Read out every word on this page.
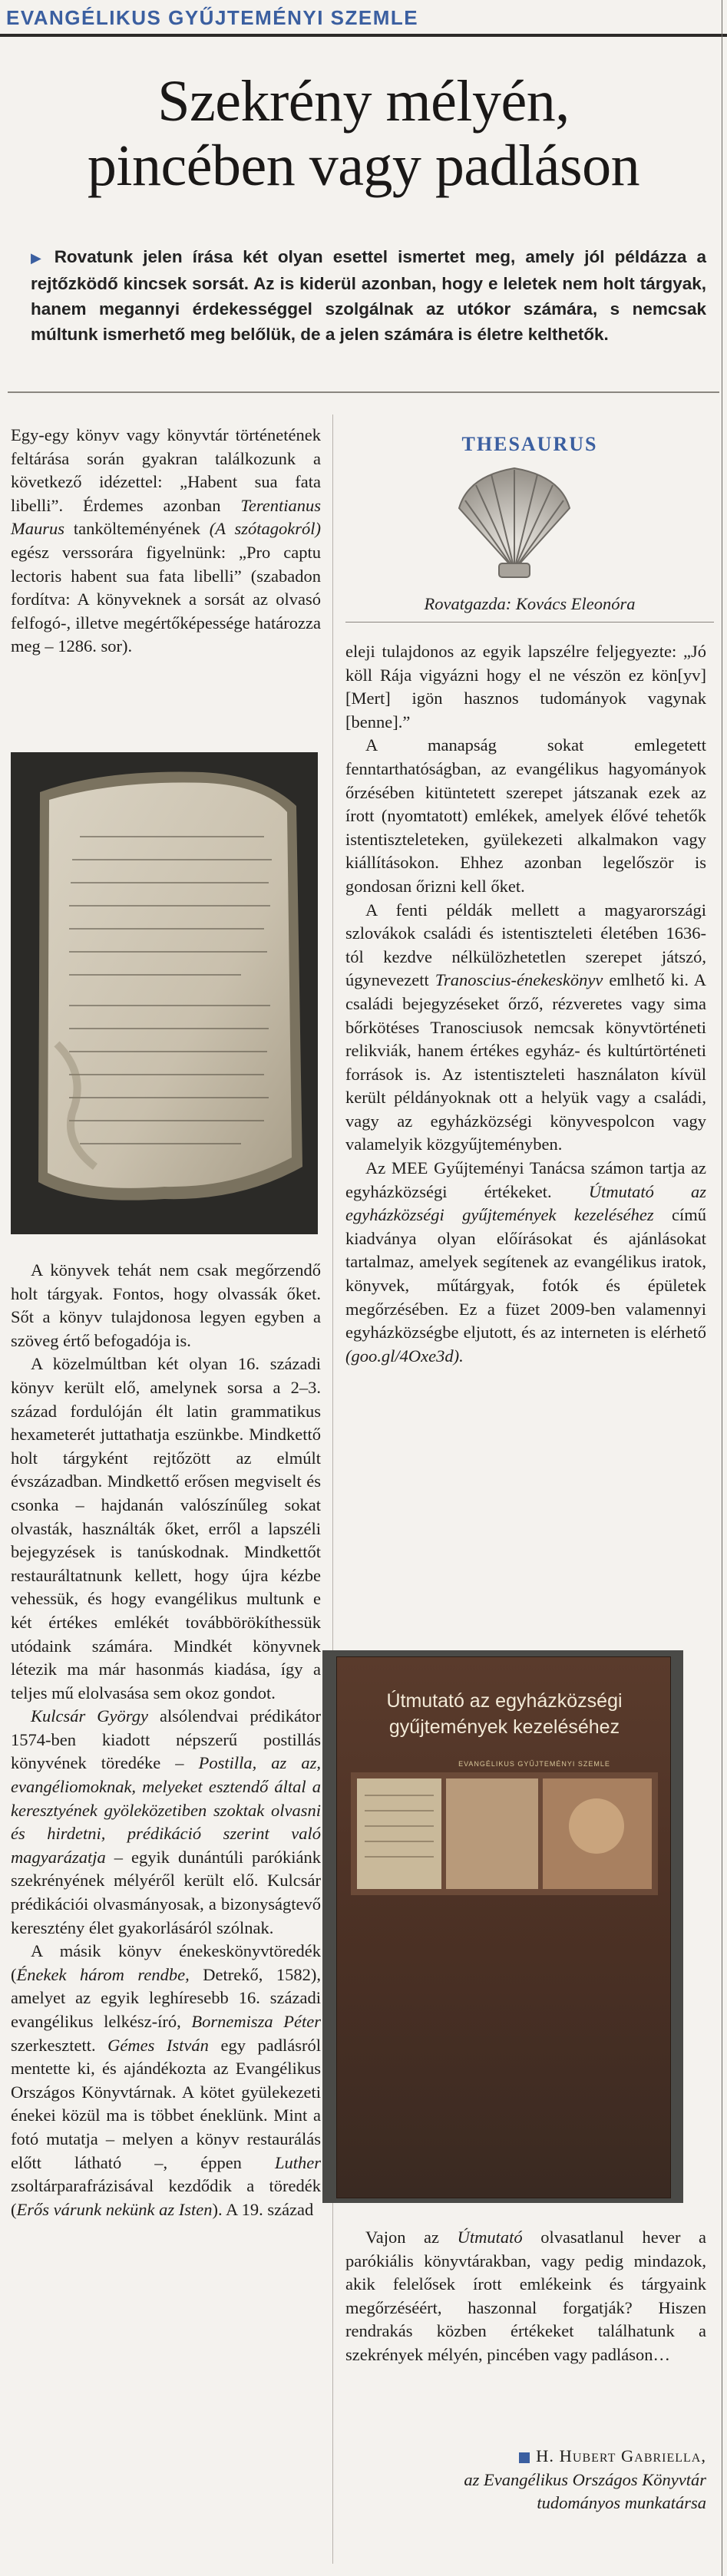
EVANGÉLIKUS GYŰJTEMÉNYI SZEMLE
Szekrény mélyén,
pincében vagy padláson
▶ Rovatunk jelen írása két olyan esettel ismertet meg, amely jól példázza a rejtőzködő kincsek sorsát. Az is kiderül azonban, hogy e leletek nem holt tárgyak, hanem megannyi érdekességgel szolgálnak az utókor számára, s nemcsak múltunk ismerhető meg belőlük, de a jelen számára is életre kelthetők.
THESAURUS
Rovatgazda: Kovács Eleonóra

Egy-egy könyv vagy könyvtár történetének feltárása során gyakran találkozunk a következő idézettel: „Habent sua fata libelli”. Érdemes azonban Terentianus Maurus tankölteményének (A szótagokról) egész verssorára figyelnünk: „Pro captu lectoris habent sua fata libelli” (szabadon fordítva: A könyveknek a sorsát az olvasó felfogó-, illetve megértőképessége határozza meg – 1286. sor).

A könyvek tehát nem csak megőrzendő holt tárgyak. Fontos, hogy olvassák őket. Sőt a könyv tulajdonosa legyen egyben a szöveg értő befogadója is.

A közelmúltban két olyan 16. századi könyv került elő, amelynek sorsa a 2–3. század fordulóján élt latin grammatikus hexameterét juttathatja eszünkbe. Mindkettő holt tárgyként rejtőzött az elmúlt évszázadban. Mindkettő erősen megviselt és csonka – hajdanán valószínűleg sokat olvasták, használták őket, erről a lapszéli bejegyzések is tanúskodnak. Mindkettőt restauráltatnunk kellett, hogy újra kézbe vehessük, és hogy evangélikus multunk e két értékes emlékét továbbörökíthessük utódaink számára. Mindkét könyvnek létezik ma már hasonmás kiadása, így a teljes mű elolvasása sem okoz gondot.

Kulcsár György alsólendvai prédikátor 1574-ben kiadott népszerű postillás könyvének töredéke – Postilla, az az, evangéliomoknak, melyeket esztendő által a keresztyének gyöleközetiben szoktak olvasni és hirdetni, prédikáció szerint való magyarázatja – egyik dunántúli parókiánk szekrényének mélyéről került elő. Kulcsár prédikációi olvasmányosak, a bizonyságtevő keresztény élet gyakorlásáról szólnak.

A másik könyv énekeskönyvtöredék (Énekek három rendbe, Detrekő, 1582), amelyet az egyik leghíresebb 16. századi evangélikus lelkész-író, Bornemisza Péter szerkesztett. Gémes István egy padlásról mentette ki, és ajándékozta az Evangélikus Országos Könyvtárnak. A kötet gyülekezeti énekei közül ma is többet éneklünk. Mint a fotó mutatja – melyen a könyv restaurálás előtt látható –, éppen Luther zsoltárparafrázisával kezdődik a töredék (Erős várunk nekünk az Isten). A 19. század

eleji tulajdonos az egyik lapszélre feljegyezte: „Jó köll Rája vigyázni hogy el ne vészön ez kön[yv] [Mert] igön hasznos tudományok vagynak [benne].”

A manapság sokat emlegetett fenntarthatóságban, az evangélikus hagyományok őrzésében kitüntetett szerepet játszanak ezek az írott (nyomtatott) emlékek, amelyek élővé tehetők istentiszteleteken, gyülekezeti alkalmakon vagy kiállításokon. Ehhez azonban legelőször is gondosan őrizni kell őket.

A fenti példák mellett a magyarországi szlovákok családi és istentiszteleti életében 1636-tól kezdve nélkülözhetetlen szerepet játszó, úgynevezett Tranoscius-énekeskönyv emlhető ki. A családi bejegyzéseket őrző, rézveretes vagy sima bőrkötéses Tranosciusok nemcsak könyvtörténeti relikviák, hanem értékes egyház- és kultúrtörténeti források is. Az istentiszteleti használaton kívül került példányoknak ott a helyük vagy a családi, vagy az egyházközségi könyvespolcon vagy valamelyik közgyűjteményben.

Az MEE Gyűjteményi Tanácsa számon tartja az egyházközségi értékeket. Útmutató az egyházközségi gyűjtemények kezeléséhez című kiadványa olyan előírásokat és ajánlásokat tartalmaz, amelyek segítenek az evangélikus iratok, könyvek, műtárgyak, fotók és épületek megőrzésében. Ez a füzet 2009-ben valamennyi egyházközségbe eljutott, és az interneten is elérhető (goo.gl/4Oxe3d).

Útmutató az egyházközségi gyűjtemények kezeléséhez
EVANGÉLIKUS GYŰJTEMÉNYI SZEMLE

Vajon az Útmutató olvasatlanul hever a parókiális könyvtárakban, vagy pedig mindazok, akik felelősek írott emlékeink és tárgyaink megőrzéséért, haszonnal forgatják? Hiszen rendrakás közben értékeket találhatunk a szekrények mélyén, pincében vagy padláson…

H. Hubert Gabriella,
az Evangélikus Országos Könyvtár
tudományos munkatársa
